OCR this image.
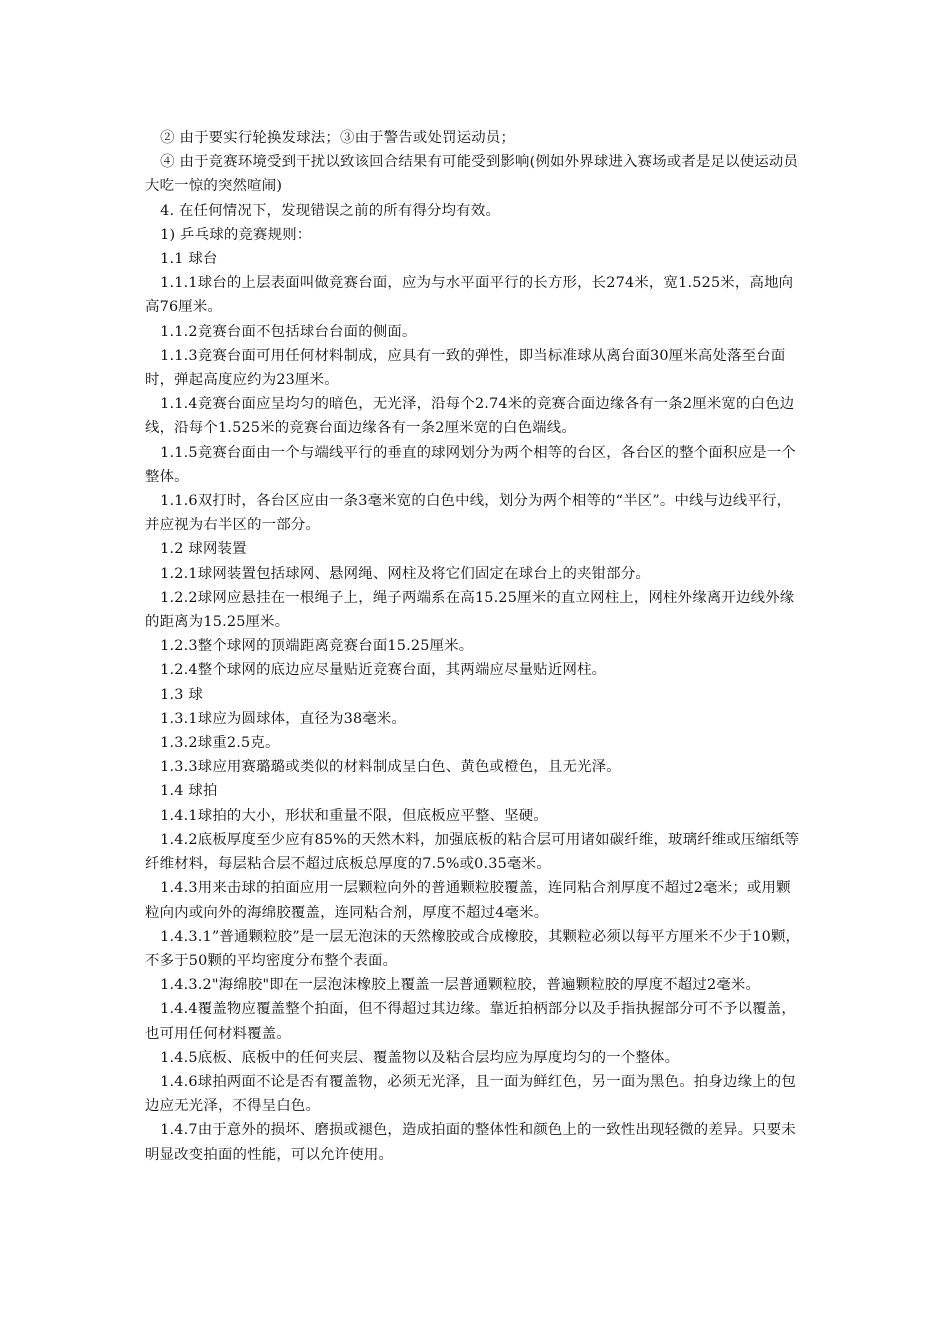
② 由于要实行轮换发球法；③由于警告或处罚运动员；

④ 由于竞赛环境受到干扰以致该回合结果有可能受到影响(例如外界球进入赛场或者是足以使运动员大吃一惊的突然喧闹)

4. 在任何情况下，发现错误之前的所有得分均有效。

1) 乒乓球的竞赛规则：

1.1 球台

1.1.1球台的上层表面叫做竞赛台面，应为与水平面平行的长方形，长274米，宽1.525米，高地向高76厘米。

1.1.2竞赛台面不包括球台台面的侧面。

1.1.3竞赛台面可用任何材料制成，应具有一致的弹性，即当标准球从离台面30厘米高处落至台面时，弹起高度应约为23厘米。

1.1.4竞赛台面应呈均匀的暗色，无光泽，沿每个2.74米的竞赛合面边缘各有一条2厘米宽的白色边线，沿每个1.525米的竞赛台面边缘各有一条2厘米宽的白色端线。

1.1.5竞赛台面由一个与端线平行的垂直的球网划分为两个相等的台区，各台区的整个面积应是一个整体。

1.1.6双打时，各台区应由一条3毫米宽的白色中线，划分为两个相等的“半区”。中线与边线平行，并应视为右半区的一部分。

1.2 球网装置

1.2.1球网装置包括球网、悬网绳、网柱及将它们固定在球台上的夹钳部分。

1.2.2球网应悬挂在一根绳子上，绳子两端系在高15.25厘米的直立网柱上，网柱外缘离开边线外缘的距离为15.25厘米。

1.2.3整个球网的顶端距离竞赛台面15.25厘米。

1.2.4整个球网的底边应尽量贴近竞赛台面，其两端应尽量贴近网柱。

1.3 球

1.3.1球应为圆球体，直径为38毫米。

1.3.2球重2.5克。

1.3.3球应用赛璐璐或类似的材料制成呈白色、黄色或橙色，且无光泽。

1.4 球拍

1.4.1球拍的大小，形状和重量不限，但底板应平整、坚硬。

1.4.2底板厚度至少应有85%的天然木料，加强底板的粘合层可用诸如碳纤维，玻璃纤维或压缩纸等纤维材料，每层粘合层不超过底板总厚度的7.5%或0.35毫米。

1.4.3用来击球的拍面应用一层颗粒向外的普通颗粒胶覆盖，连同粘合剂厚度不超过2毫米；或用颗粒向内或向外的海绵胶覆盖，连同粘合剂，厚度不超过4毫米。

1.4.3.1”普通颗粒胶”是一层无泡沫的天然橡胶或合成橡胶，其颗粒必须以每平方厘米不少于10颗，不多于50颗的平均密度分布整个表面。

1.4.3.2"海绵胶"即在一层泡沫橡胶上覆盖一层普通颗粒胶，普遍颗粒胶的厚度不超过2毫米。

1.4.4覆盖物应覆盖整个拍面，但不得超过其边缘。靠近拍柄部分以及手指执握部分可不予以覆盖，也可用任何材料覆盖。

1.4.5底板、底板中的任何夹层、覆盖物以及粘合层均应为厚度均匀的一个整体。

1.4.6球拍两面不论是否有覆盖物，必须无光泽，且一面为鲜红色，另一面为黑色。拍身边缘上的包边应无光泽，不得呈白色。

1.4.7由于意外的损坏、磨损或褪色，造成拍面的整体性和颜色上的一致性出现轻微的差异。只要未明显改变拍面的性能，可以允许使用。
